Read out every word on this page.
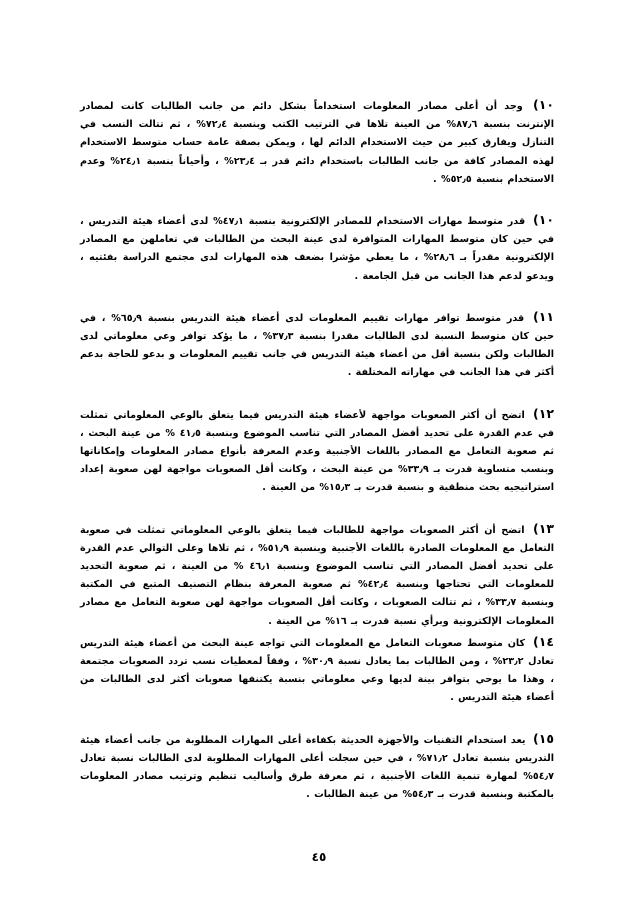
١٠) وجد أن أعلى مصادر المعلومات استخداماً بشكل دائم من جانب الطالبات كانت لمصادر الإنترنت بنسبة ٨٧٫٦% من العينة تلاها في الترتيب الكتب وبنسبة ٧٢٫٤% ، ثم تتالت النسب في التنازل ويفارق كبير من حيث الاستخدام الدائم لها ، ويمكن بصفة عامة حساب متوسط الاستخدام لهذه المصادر كافة من جانب الطالبات باستخدام دائم قدر بـ ٢٣٫٤% ، وأحياناً بنسبة ٢٤٫١% وعدم الاستخدام بنسبة ٥٢٫٥% .

١٠) قدر متوسط مهارات الاستخدام للمصادر الإلكترونية بنسبة ٤٧٫١% لدى أعضاء هيئة التدريس ، في حين كان متوسط المهارات المتوافرة لدى عينة البحث من الطالبات في تعاملهن مع المصادر الإلكترونية مقدراً بـ ٢٨٫٦% ، ما يعطي مؤشرا بضعف هذه المهارات لدى مجتمع الدراسة بفئتيه ، ويدعو لدعم هذا الجانب من قبل الجامعة .

١١) قدر متوسط توافر مهارات تقييم المعلومات لدى أعضاء هيئة التدريس بنسبة ٦٥٫٩% ، في حين كان متوسط النسبة لدى الطالبات مقدرا بنسبة ٣٧٫٣% ، ما يؤكد توافر وعي معلوماتي لدى الطالبات ولكن بنسبة أقل من أعضاء هيئة التدريس في جانب تقييم المعلومات و بدعو للحاجة بدعم أكثر في هذا الجانب في مهاراته المختلفة .

١٢) اتضح أن أكثر الصعوبات مواجهة لأعضاء هيئة التدريس فيما يتعلق بالوعي المعلوماتي تمثلت في عدم القدرة على تحديد أفضل المصادر التي تناسب الموضوع وبنسبة ٤١٫٥ % من عينة البحث ، ثم صعوبة التعامل مع المصادر باللغات الأجنبية وعدم المعرفة بأنواع مصادر المعلومات وإمكاناتها وبنسب متساوية قدرت بـ ٣٣٫٩% من عينة البحث ، وكانت أقل الصعوبات مواجهة لهن صعوبة إعداد استراتيجيه بحث منطقية و بنسبة قدرت بـ ١٥٫٣% من العينة .

١٣) اتضح أن أكثر الصعوبات مواجهة للطالبات فيما يتعلق بالوعي المعلوماتي تمثلت في صعوبة التعامل مع المعلومات الصادرة باللغات الأجنبية وبنسبة ٥١٫٩% ، ثم تلاها وعلى التوالي عدم القدرة على تحديد أفضل المصادر التي تناسب الموضوع وبنسبة ٤٦٫١ % من العينة ، ثم صعوبة التحديد للمعلومات التي تحتاجها وبنسبة ٤٢٫٤% ثم صعوبة المعرفة بنظام التصنيف المتبع في المكتبة وبنسبة ٣٣٫٧% ، ثم تتالت الصعوبات ، وكانت أقل الصعوبات مواجهة لهن صعوبة التعامل مع مصادر المعلومات الإلكترونية وبرأي نسبة قدرت بـ ١٦% من العينة .

١٤) كان متوسط صعوبات التعامل مع المعلومات التي تواجه عينة البحث من أعضاء هيئة التدريس تعادل ٢٣٫٢% ، ومن الطالبات بما يعادل نسبة ٣٠٫٩% ، وفقاً لمعطيات نسب تردد الصعوبات مجتمعة ، وهذا ما يوحي بتوافر بينة لديها وعي معلوماتي بنسبة يكتنفها صعوبات أكثر لدى الطالبات من أعضاء هيئة التدريس .

١٥) يعد استخدام التقنيات والأجهزة الحديثة بكفاءة أعلى المهارات المطلوبة من جانب أعضاء هيئة التدريس بنسبة تعادل ٧١٫٢% ، في حين سجلت أعلى المهارات المطلوبة لدى الطالبات نسبة تعادل ٥٤٫٧% لمهارة تنمية اللغات الأجنبية ، ثم معرفة طرق وأساليب تنظيم وترتيب مصادر المعلومات بالمكتبة وبنسبة قدرت بـ ٥٤٫٣% من عينة الطالبات .

٤٥
